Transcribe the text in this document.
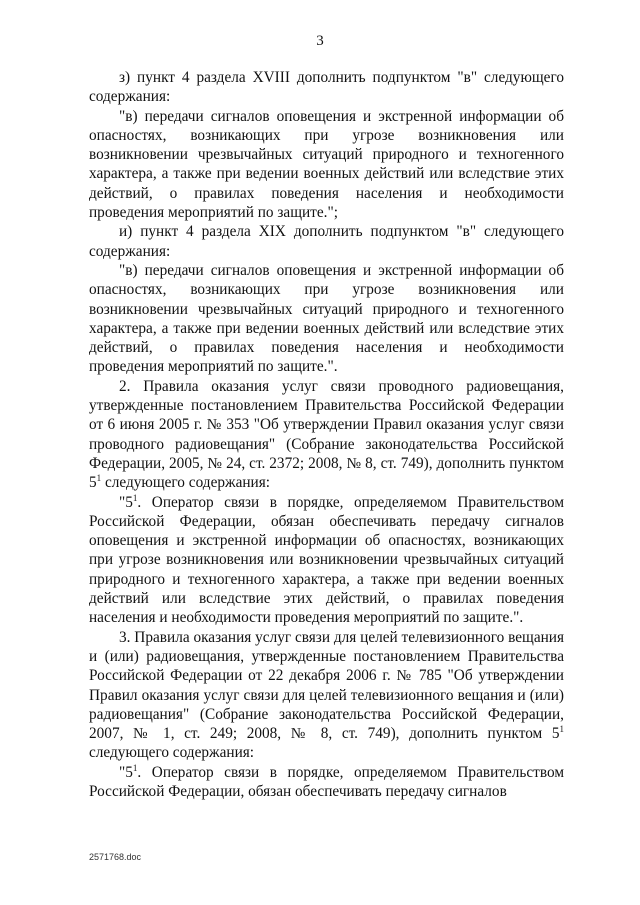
3

з) пункт 4 раздела XVIII дополнить подпунктом "в" следующего содержания:

"в) передачи сигналов оповещения и экстренной информации об опасностях, возникающих при угрозе возникновения или возникновении чрезвычайных ситуаций природного и техногенного характера, а также при ведении военных действий или вследствие этих действий, о правилах поведения населения и необходимости проведения мероприятий по защите.";

и) пункт 4 раздела XIX дополнить подпунктом "в" следующего содержания:

"в) передачи сигналов оповещения и экстренной информации об опасностях, возникающих при угрозе возникновения или возникновении чрезвычайных ситуаций природного и техногенного характера, а также при ведении военных действий или вследствие этих действий, о правилах поведения населения и необходимости проведения мероприятий по защите.".

2. Правила оказания услуг связи проводного радиовещания, утвержденные постановлением Правительства Российской Федерации от 6 июня 2005 г. № 353 "Об утверждении Правил оказания услуг связи проводного радиовещания" (Собрание законодательства Российской Федерации, 2005, № 24, ст. 2372; 2008, № 8, ст. 749), дополнить пунктом $5^1$ следующего содержания:

"$5^1$. Оператор связи в порядке, определяемом Правительством Российской Федерации, обязан обеспечивать передачу сигналов оповещения и экстренной информации об опасностях, возникающих при угрозе возникновения или возникновении чрезвычайных ситуаций природного и техногенного характера, а также при ведении военных действий или вследствие этих действий, о правилах поведения населения и необходимости проведения мероприятий по защите.".

3. Правила оказания услуг связи для целей телевизионного вещания и (или) радиовещания, утвержденные постановлением Правительства Российской Федерации от 22 декабря 2006 г. № 785 "Об утверждении Правил оказания услуг связи для целей телевизионного вещания и (или) радиовещания" (Собрание законодательства Российской Федерации, 2007, № 1, ст. 249; 2008, № 8, ст. 749), дополнить пунктом $5^1$ следующего содержания:

"$5^1$. Оператор связи в порядке, определяемом Правительством Российской Федерации, обязан обеспечивать передачу сигналов

2571768.doc
